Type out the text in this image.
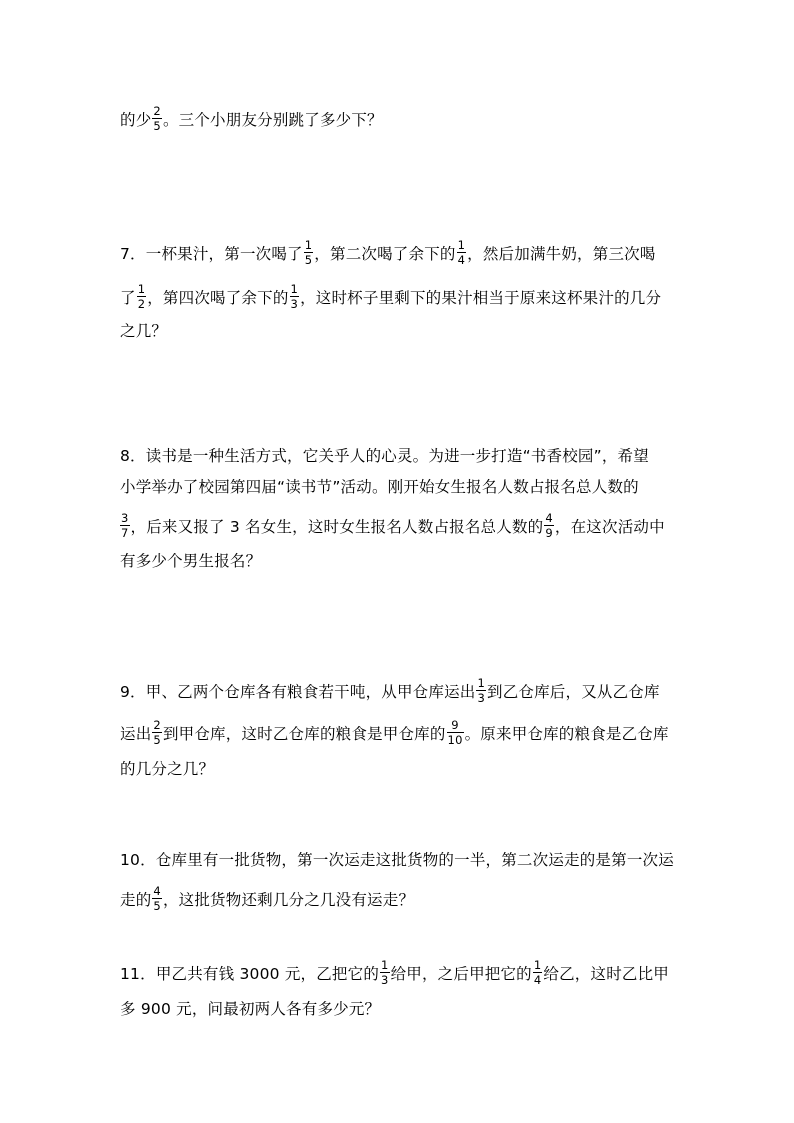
的少 $\frac{2}{5}$ 。三个小朋友分别跳了多少下？
7．一杯果汁，第一次喝了 $\frac{1}{5}$ ，第二次喝了余下的 $\frac{1}{4}$ ，然后加满牛奶，第三次喝
了 $\frac{1}{2}$ ，第四次喝了余下的 $\frac{1}{3}$ ，这时杯子里剩下的果汁相当于原来这杯果汁的几分
之几？
8．读书是一种生活方式，它关乎人的心灵。为进一步打造“书香校园”，希望
小学举办了校园第四届“读书节”活动。刚开始女生报名人数占报名总人数的
$\frac{3}{7}$ ，后来又报了 3 名女生，这时女生报名人数占报名总人数的 $\frac{4}{9}$ ，在这次活动中
有多少个男生报名？
9．甲、乙两个仓库各有粮食若干吨，从甲仓库运出 $\frac{1}{3}$ 到乙仓库后，又从乙仓库
运出 $\frac{2}{5}$ 到甲仓库，这时乙仓库的粮食是甲仓库的 $\frac{9}{10}$ 。原来甲仓库的粮食是乙仓库
的几分之几？
10．仓库里有一批货物，第一次运走这批货物的一半，第二次运走的是第一次运
走的 $\frac{4}{5}$ ，这批货物还剩几分之几没有运走？
11．甲乙共有钱 3000 元，乙把它的 $\frac{1}{3}$ 给甲，之后甲把它的 $\frac{1}{4}$ 给乙，这时乙比甲
多 900 元，问最初两人各有多少元？
